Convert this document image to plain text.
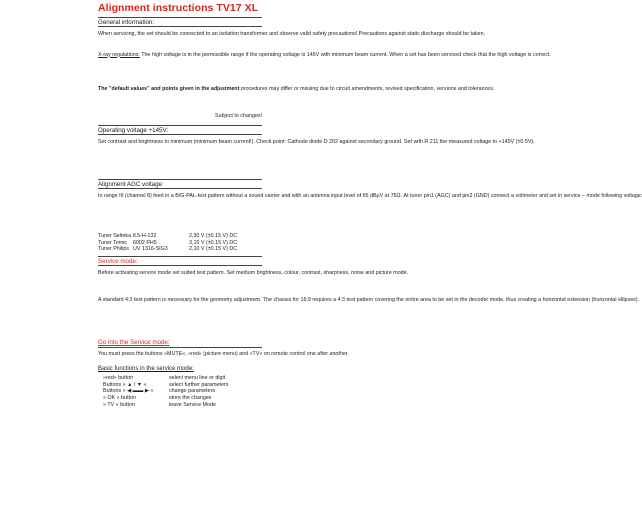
Alignment instructions TV17 XL
General information:
When servicing, the set should be connected to an isolation transformer and observe valid safety precautions! Precautions against static discharge should be taken.
X-ray regulations: The high voltage is in the permissible range if the operating voltage is 145V with minimum beam current. When a set has been serviced check that the high voltage is correct.
The "default values" and points given in the adjustment procedures may differ or missing due to circuit amendments, revised specification, versions and tolerances.
Subject to changes!
Operating voltage +145V:
Set contrast and brightness to minimum (minimum beam current!). Check point: Cathode diode D 202 against secondary ground. Set with R 211 the measured voltage to +145V (±0.5V).
Alignment AGC voltage:
In range III (channel 8) feed in a B/G-PAL-test pattern without a sound carrier and with an antenna input level of 65 dBμV at 75Ω. At tuner pin1 (AGC) and pin2 (GND) connect a voltmeter and set in service – mode following voltage:
Tuner Selteka KS-H-132	2,30 V (±0.15 V) DC
Tuner Temic 6002 PH5	3,15 V (±0.15 V) DC
Tuner Philips UV 1316-SIG3	2,10 V (±0.15 V) DC
Service mode:
Before activating service mode set suited test pattern. Set medium brightness, colour, contrast, sharpness, noise and picture mode.
A standard 4:3 test pattern is necessary for the geometry adjustment. The chassis for 16:9 requires a 4:3 test pattern covering the entire area to be set in the decoder mode, thus creating a horizontal extension (horizontal ellipses).
Go into the Service mode:
You must press the buttons »MUTE«, »red« (picture menu) and »TV« on remote control one after another.
Basic functions in the service mode:
»red« button	select menu line or digit
Buttons » ▲ / ▼ «	select further parameters
Buttons » ◀ ▬▬ ▶ «	change parameters
» OK « button	store the changes
» TV « button	leave Service Mode
